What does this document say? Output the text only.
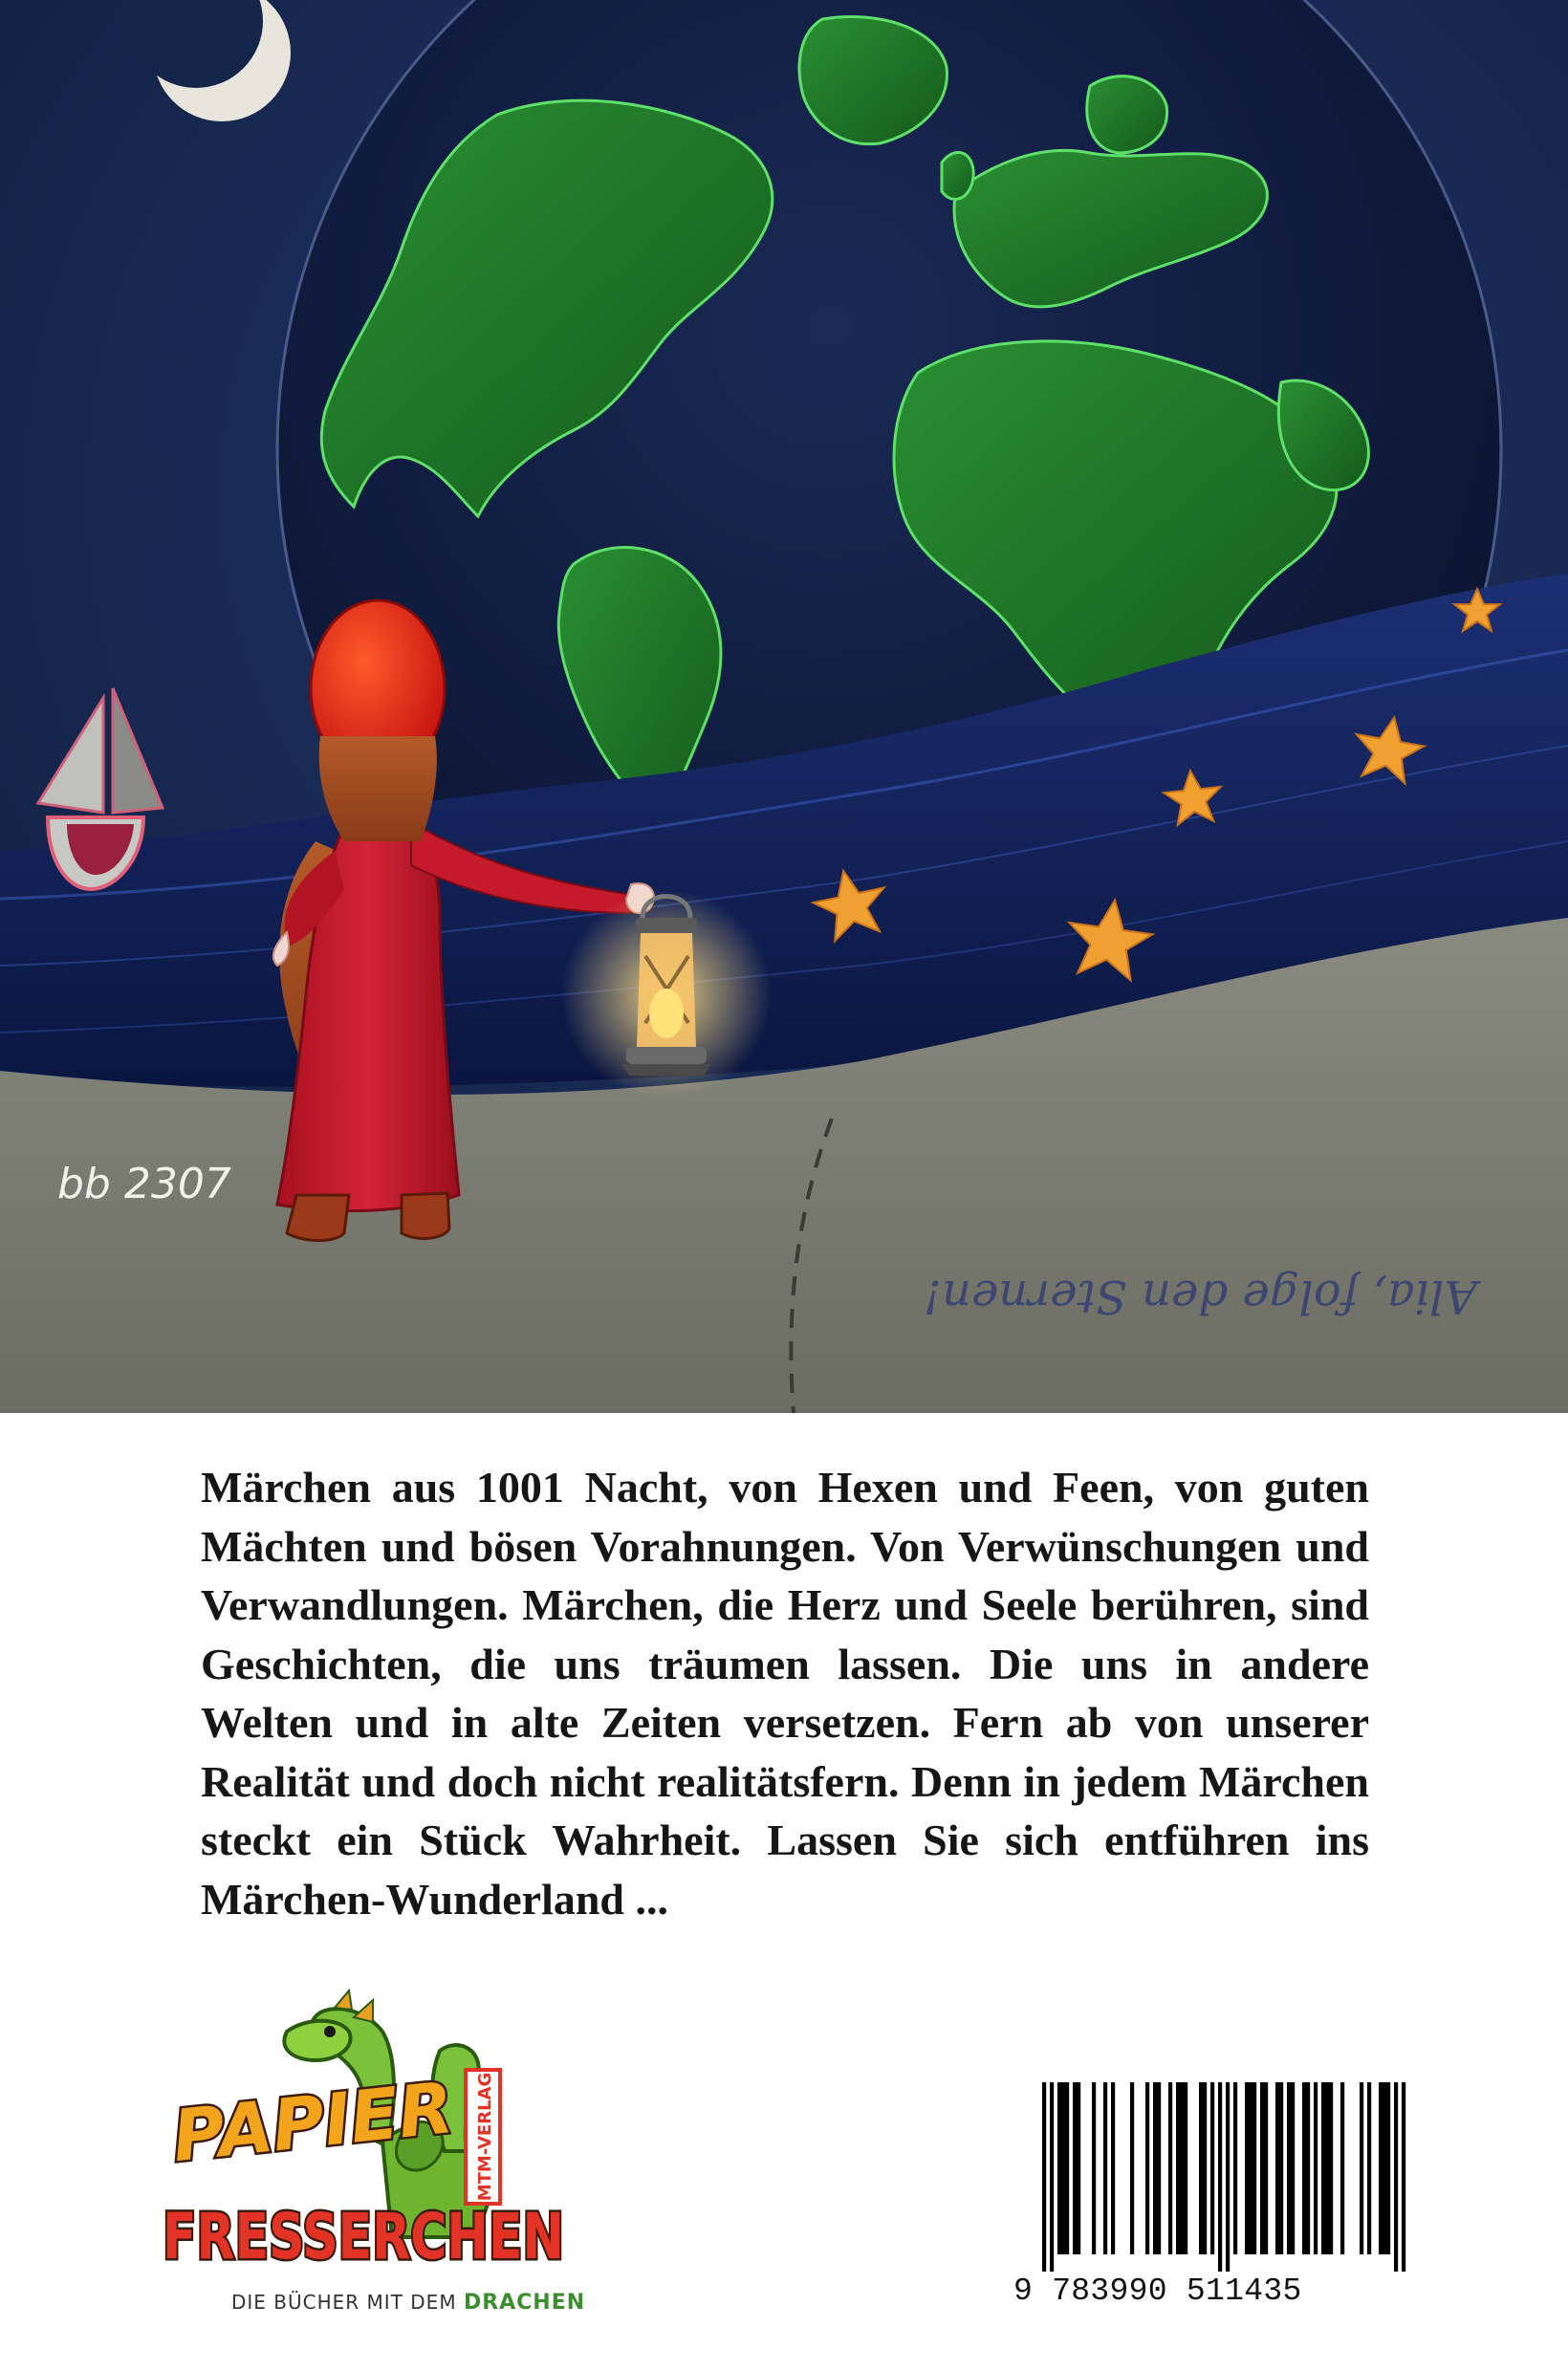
bb 2307
Alia, folge den Sternen!

Märchen aus 1001 Nacht, von Hexen und Feen, von guten Mächten und bösen Vorahnungen. Von Verwünschungen und Verwandlungen. Märchen, die Herz und Seele berühren, sind Geschichten, die uns träumen lassen. Die uns in andere Welten und in alte Zeiten versetzen. Fern ab von unserer Realität und doch nicht realitätsfern. Denn in jedem Märchen steckt ein Stück Wahrheit. Lassen Sie sich entführen ins Märchen-Wunderland ...

MTM-VERLAG
PAPIER
FRESSERCHEN
DIE BÜCHER MIT DEM DRACHEN	9 783990 511435
